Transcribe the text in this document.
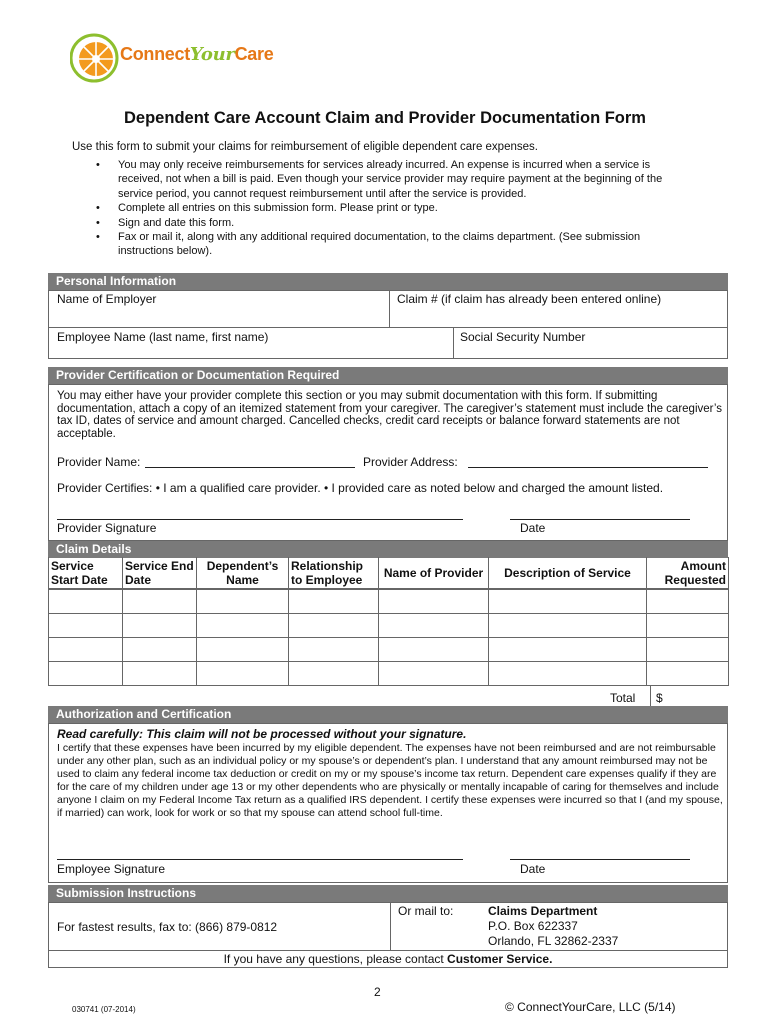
ConnectYourCare
Dependent Care Account Claim and Provider Documentation Form
Use this form to submit your claims for reimbursement of eligible dependent care expenses.
• You may only receive reimbursements for services already incurred. An expense is incurred when a service is received, not when a bill is paid. Even though your service provider may require payment at the beginning of the service period, you cannot request reimbursement until after the service is provided.
• Complete all entries on this submission form. Please print or type.
• Sign and date this form.
• Fax or mail it, along with any additional required documentation, to the claims department. (See submission instructions below).
Personal Information
Name of Employer	Claim # (if claim has already been entered online)
Employee Name (last name, first name)	Social Security Number
Provider Certification or Documentation Required
You may either have your provider complete this section or you may submit documentation with this form. If submitting documentation, attach a copy of an itemized statement from your caregiver. The caregiver’s statement must include the caregiver’s tax ID, dates of service and amount charged. Cancelled checks, credit card receipts or balance forward statements are not acceptable.
Provider Name:	Provider Address:
Provider Certifies: • I am a qualified care provider. • I provided care as noted below and charged the amount listed.
Provider Signature	Date
Claim Details
Service Start Date	Service End Date	Dependent’s Name	Relationship to Employee	Name of Provider	Description of Service	Amount Requested

Total $
Authorization and Certification
Read carefully: This claim will not be processed without your signature.
I certify that these expenses have been incurred by my eligible dependent. The expenses have not been reimbursed and are not reimbursable under any other plan, such as an individual policy or my spouse’s or dependent’s plan. I understand that any amount reimbursed may not be used to claim any federal income tax deduction or credit on my or my spouse’s income tax return. Dependent care expenses qualify if they are for the care of my children under age 13 or my other dependents who are physically or mentally incapable of caring for themselves and include anyone I claim on my Federal Income Tax return as a qualified IRS dependent. I certify these expenses were incurred so that I (and my spouse, if married) can work, look for work or so that my spouse can attend school full-time.
Employee Signature	Date
Submission Instructions
For fastest results, fax to: (866) 879-0812
Or mail to:	Claims Department
P.O. Box 622337
Orlando, FL 32862-2337
If you have any questions, please contact Customer Service.
2
030741 (07-2014)	© ConnectYourCare, LLC (5/14)
